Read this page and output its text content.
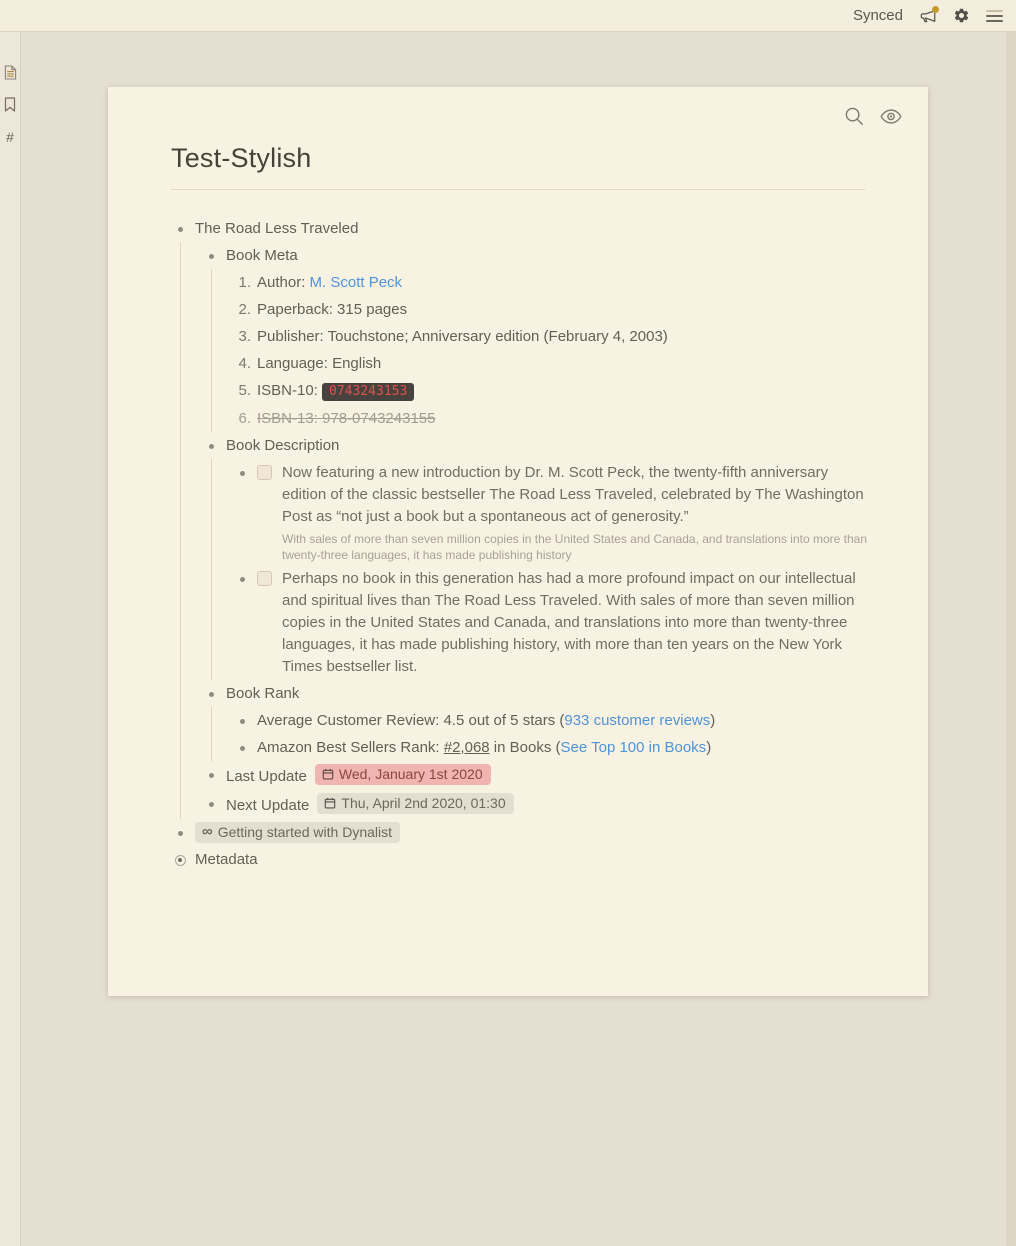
Synced
#
Test-Stylish
The Road Less Traveled
Book Meta
1. Author: M. Scott Peck
2. Paperback: 315 pages
3. Publisher: Touchstone; Anniversary edition (February 4, 2003)
4. Language: English
5. ISBN-10: 0743243153
6. ISBN-13: 978-0743243155
Book Description
Now featuring a new introduction by Dr. M. Scott Peck, the twenty-fifth anniversary edition of the classic bestseller The Road Less Traveled, celebrated by The Washington Post as “not just a book but a spontaneous act of generosity.”
With sales of more than seven million copies in the United States and Canada, and translations into more than twenty-three languages, it has made publishing history
Perhaps no book in this generation has had a more profound impact on our intellectual and spiritual lives than The Road Less Traveled. With sales of more than seven million copies in the United States and Canada, and translations into more than twenty-three languages, it has made publishing history, with more than ten years on the New York Times bestseller list.
Book Rank
Average Customer Review: 4.5 out of 5 stars (933 customer reviews)
Amazon Best Sellers Rank: #2,068 in Books (See Top 100 in Books)
Last Update Wed, January 1st 2020
Next Update Thu, April 2nd 2020, 01:30
∞ Getting started with Dynalist
Metadata
